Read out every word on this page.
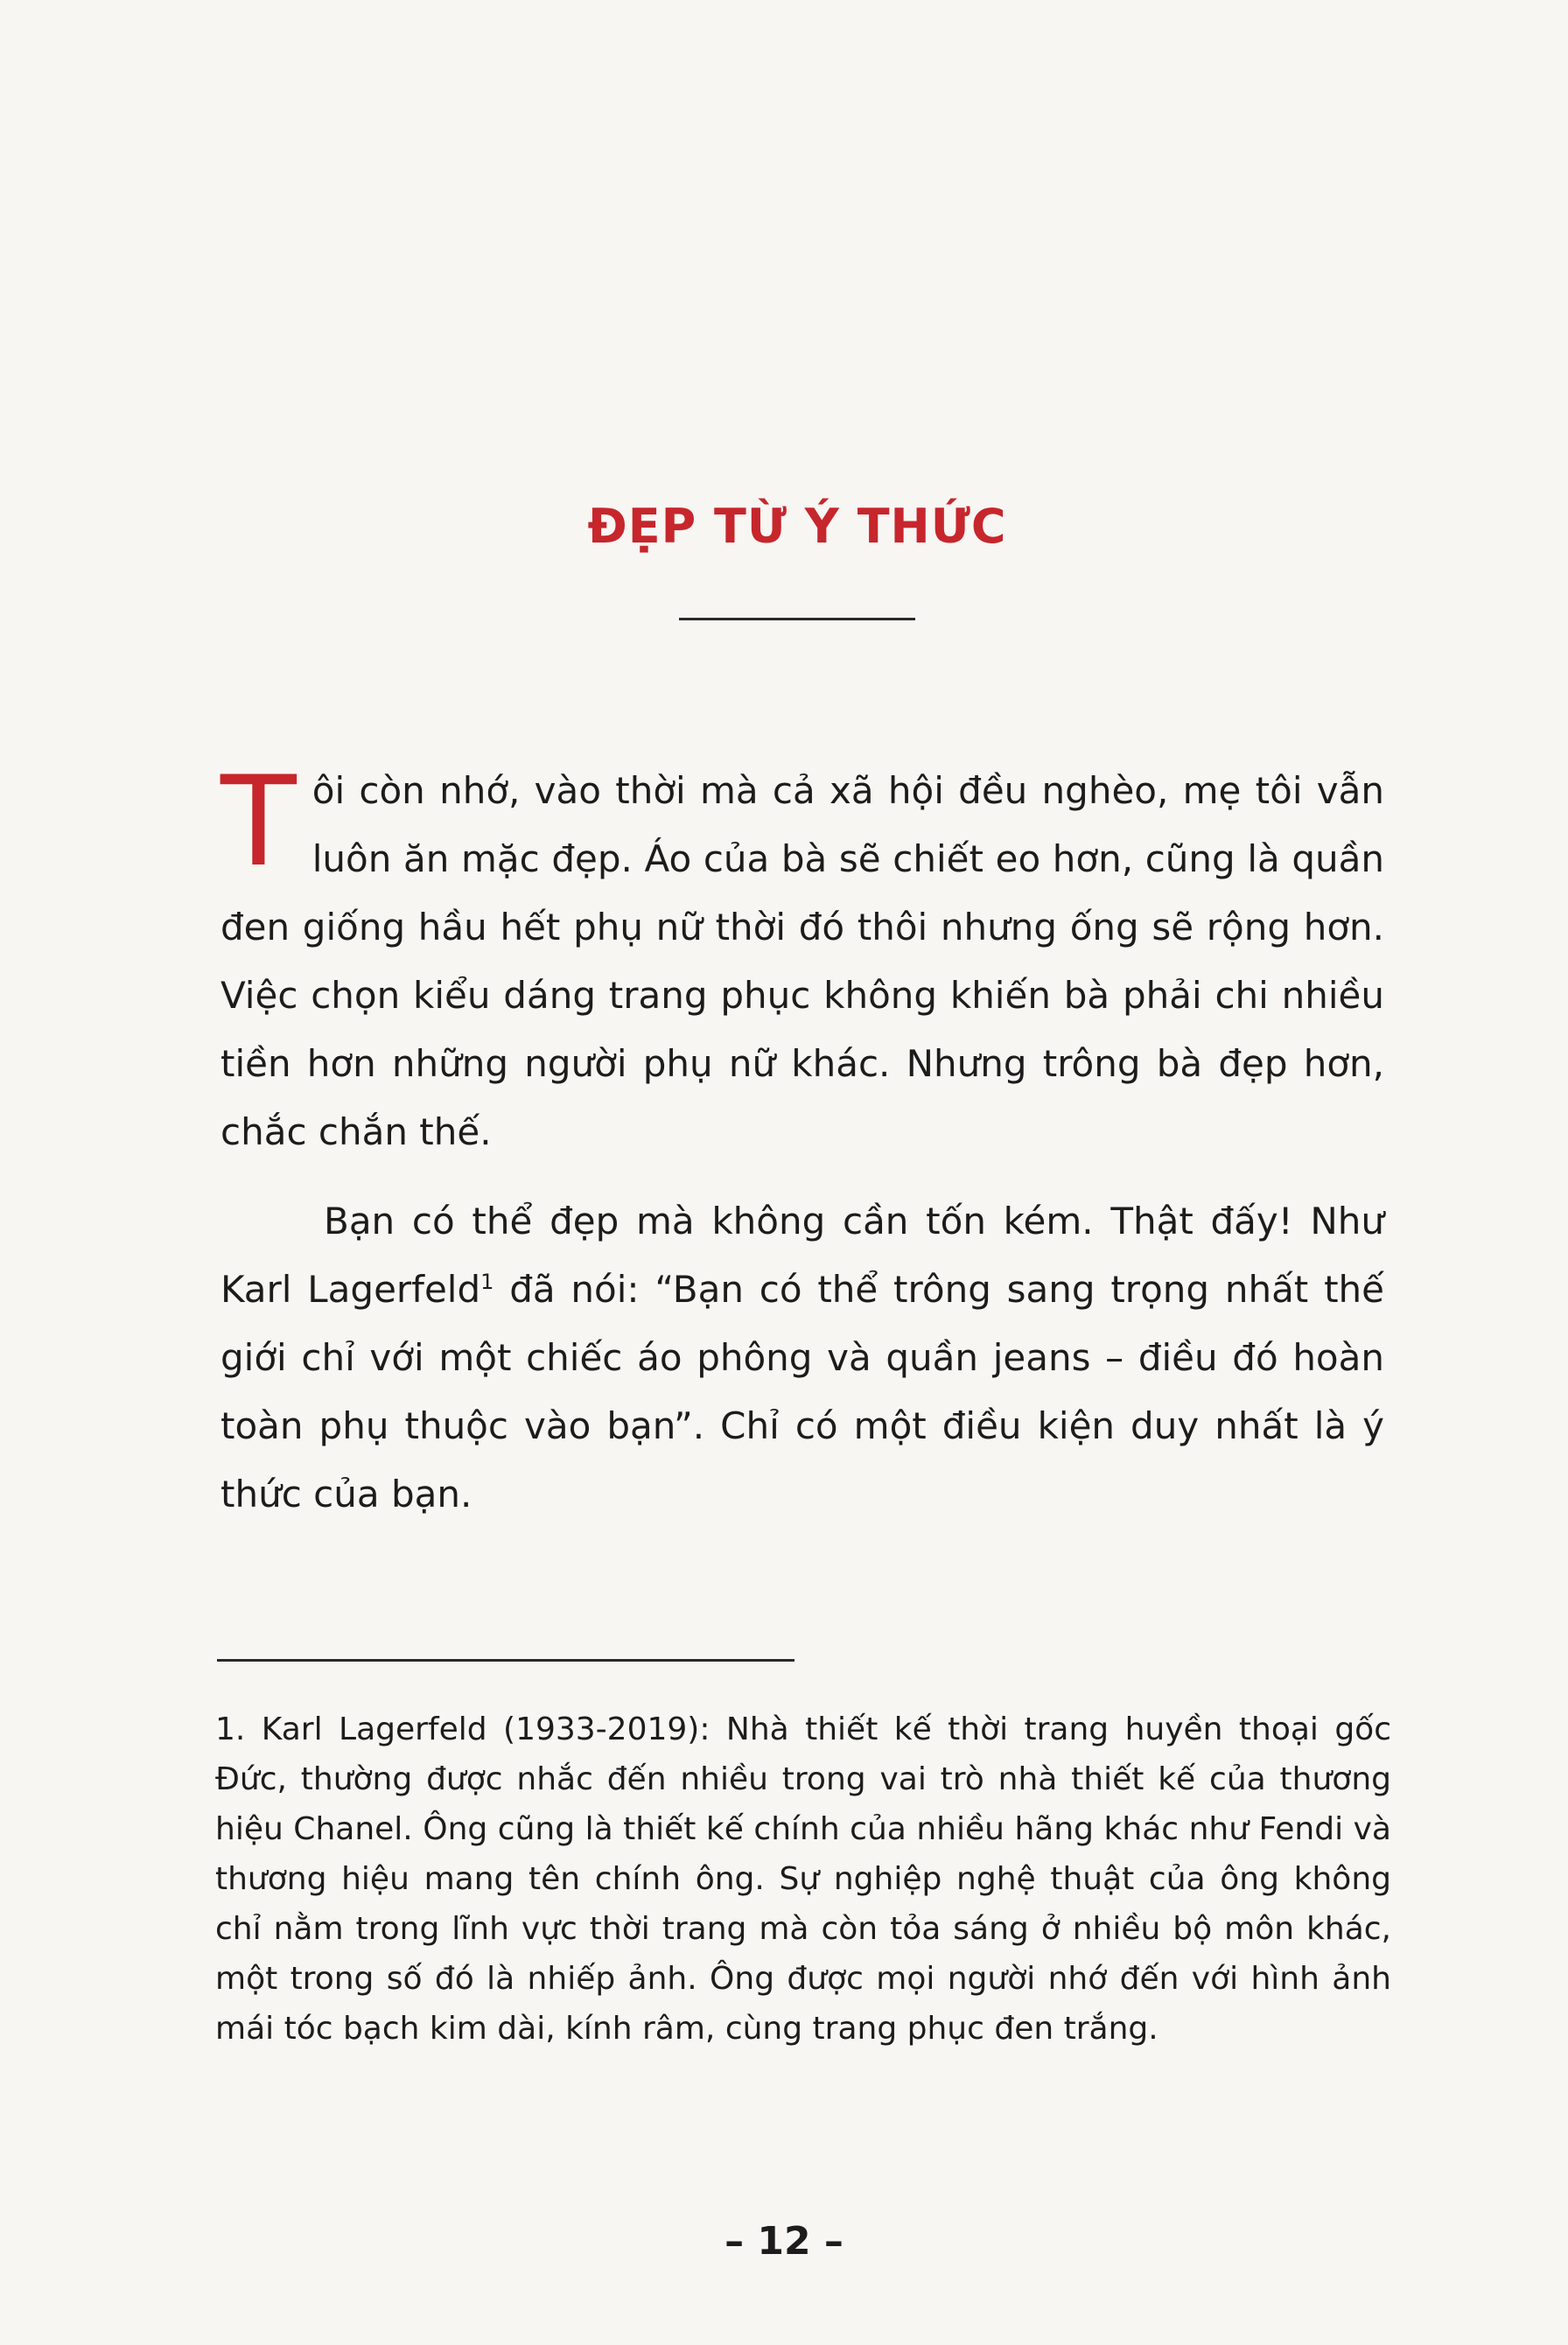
ĐẸP TỪ Ý THỨC

Tôi còn nhớ, vào thời mà cả xã hội đều nghèo, mẹ tôi vẫn luôn ăn mặc đẹp. Áo của bà sẽ chiết eo hơn, cũng là quần đen giống hầu hết phụ nữ thời đó thôi nhưng ống sẽ rộng hơn. Việc chọn kiểu dáng trang phục không khiến bà phải chi nhiều tiền hơn những người phụ nữ khác. Nhưng trông bà đẹp hơn, chắc chắn thế.

Bạn có thể đẹp mà không cần tốn kém. Thật đấy! Như Karl Lagerfeld$^1$ đã nói: “Bạn có thể trông sang trọng nhất thế giới chỉ với một chiếc áo phông và quần jeans – điều đó hoàn toàn phụ thuộc vào bạn”. Chỉ có một điều kiện duy nhất là ý thức của bạn.

1. Karl Lagerfeld (1933-2019): Nhà thiết kế thời trang huyền thoại gốc Đức, thường được nhắc đến nhiều trong vai trò nhà thiết kế của thương hiệu Chanel. Ông cũng là thiết kế chính của nhiều hãng khác như Fendi và thương hiệu mang tên chính ông. Sự nghiệp nghệ thuật của ông không chỉ nằm trong lĩnh vực thời trang mà còn tỏa sáng ở nhiều bộ môn khác, một trong số đó là nhiếp ảnh. Ông được mọi người nhớ đến với hình ảnh mái tóc bạch kim dài, kính râm, cùng trang phục đen trắng.
– 12 –
